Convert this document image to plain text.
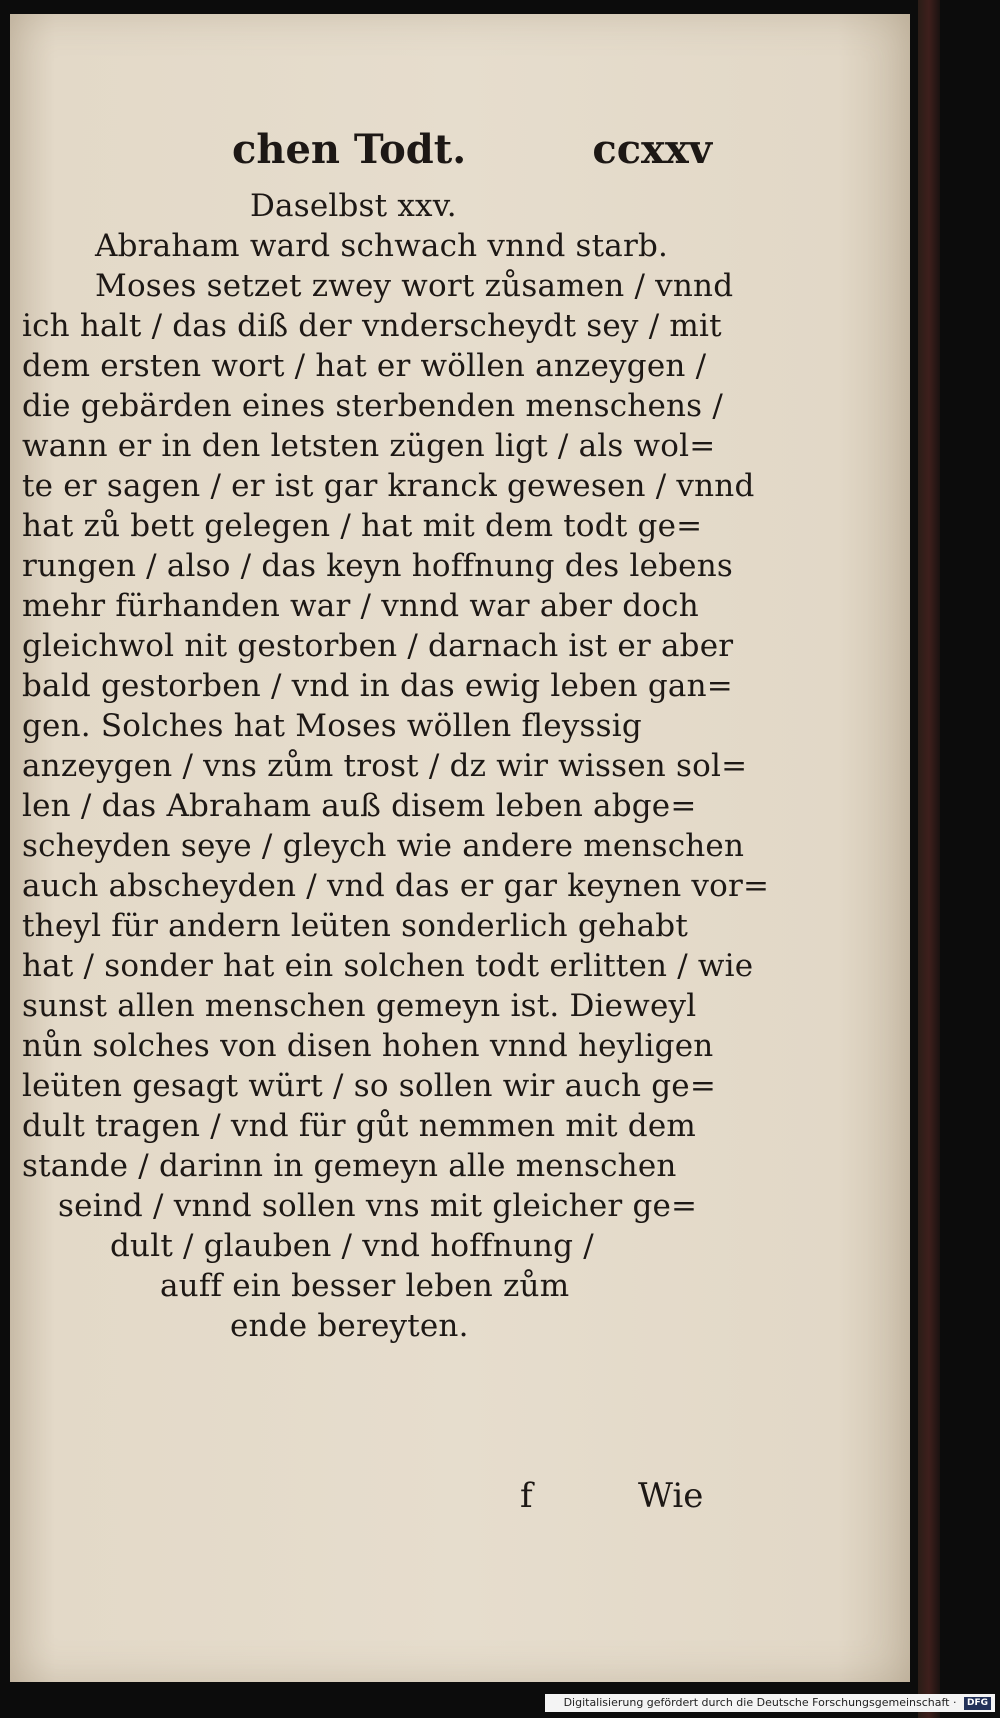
chen Todt.	ccxxv
Daselbst xxv.
Abraham ward schwach vnnd starb.
Moses setzet zwey wort zůsamen / vnnd
ich halt / das diß der vnderscheydt sey / mit
dem ersten wort / hat er wöllen anzeygen /
die gebärden eines sterbenden menschens /
wann er in den letsten zügen ligt / als wol=
te er sagen / er ist gar kranck gewesen / vnnd
hat zů bett gelegen / hat mit dem todt ge=
rungen / also / das keyn hoffnung des lebens
mehr fürhanden war / vnnd war aber doch
gleichwol nit gestorben / darnach ist er aber
bald gestorben / vnd in das ewig leben gan=
gen. Solches hat Moses wöllen fleyssig
anzeygen / vns zům trost / dz wir wissen sol=
len / das Abraham auß disem leben abge=
scheyden seye / gleych wie andere menschen
auch abscheyden / vnd das er gar keynen vor=
theyl für andern leüten sonderlich gehabt
hat / sonder hat ein solchen todt erlitten / wie
sunst allen menschen gemeyn ist. Dieweyl
nůn solches von disen hohen vnnd heyligen
leüten gesagt würt / so sollen wir auch ge=
dult tragen / vnd für gůt nemmen mit dem
stande / darinn in gemeyn alle menschen
seind / vnnd sollen vns mit gleicher ge=
dult / glauben / vnd hoffnung /
auff ein besser leben zům
ende bereyten.
f	Wie
Digitalisierung gefördert durch die Deutsche Forschungsgemeinschaft · DFG
